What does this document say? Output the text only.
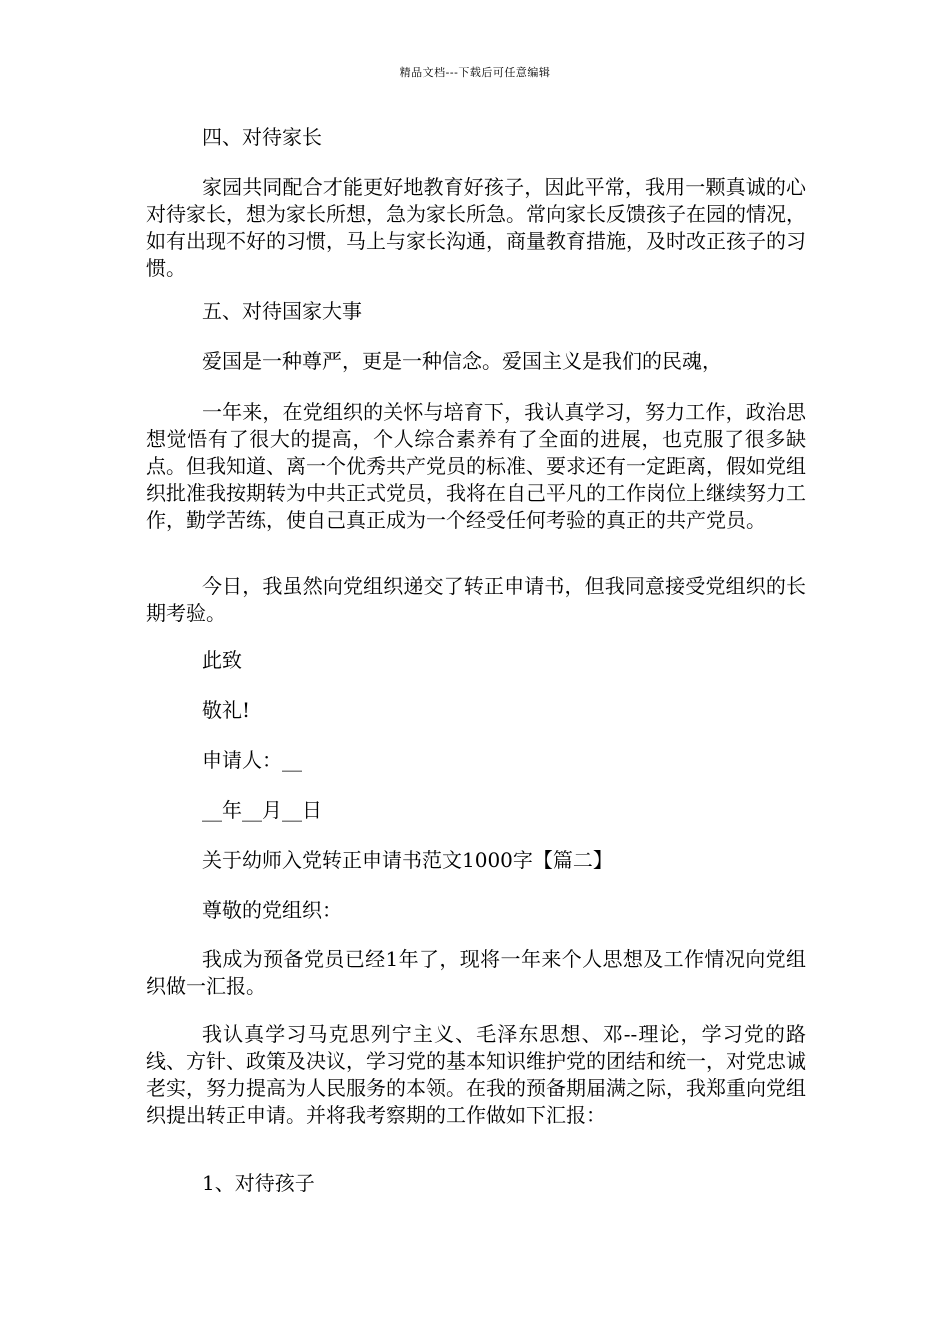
精品文档---下载后可任意编辑

四、对待家长

家园共同配合才能更好地教育好孩子，因此平常，我用一颗真诚的心对待家长，想为家长所想，急为家长所急。常向家长反馈孩子在园的情况，如有出现不好的习惯，马上与家长沟通，商量教育措施，及时改正孩子的习惯。

五、对待国家大事

爱国是一种尊严，更是一种信念。爱国主义是我们的民魂，

一年来，在党组织的关怀与培育下，我认真学习，努力工作，政治思想觉悟有了很大的提高，个人综合素养有了全面的进展，也克服了很多缺点。但我知道、离一个优秀共产党员的标准、要求还有一定距离，假如党组织批准我按期转为中共正式党员，我将在自己平凡的工作岗位上继续努力工作，勤学苦练，使自己真正成为一个经受任何考验的真正的共产党员。

今日，我虽然向党组织递交了转正申请书，但我同意接受党组织的长期考验。

此致

敬礼!

申请人：__

__年__月__日

关于幼师入党转正申请书范文1000字【篇二】

尊敬的党组织：

我成为预备党员已经1年了，现将一年来个人思想及工作情况向党组织做一汇报。

我认真学习马克思列宁主义、毛泽东思想、邓--理论，学习党的路线、方针、政策及决议，学习党的基本知识维护党的团结和统一，对党忠诚老实，努力提高为人民服务的本领。在我的预备期届满之际，我郑重向党组织提出转正申请。并将我考察期的工作做如下汇报：

1、对待孩子
